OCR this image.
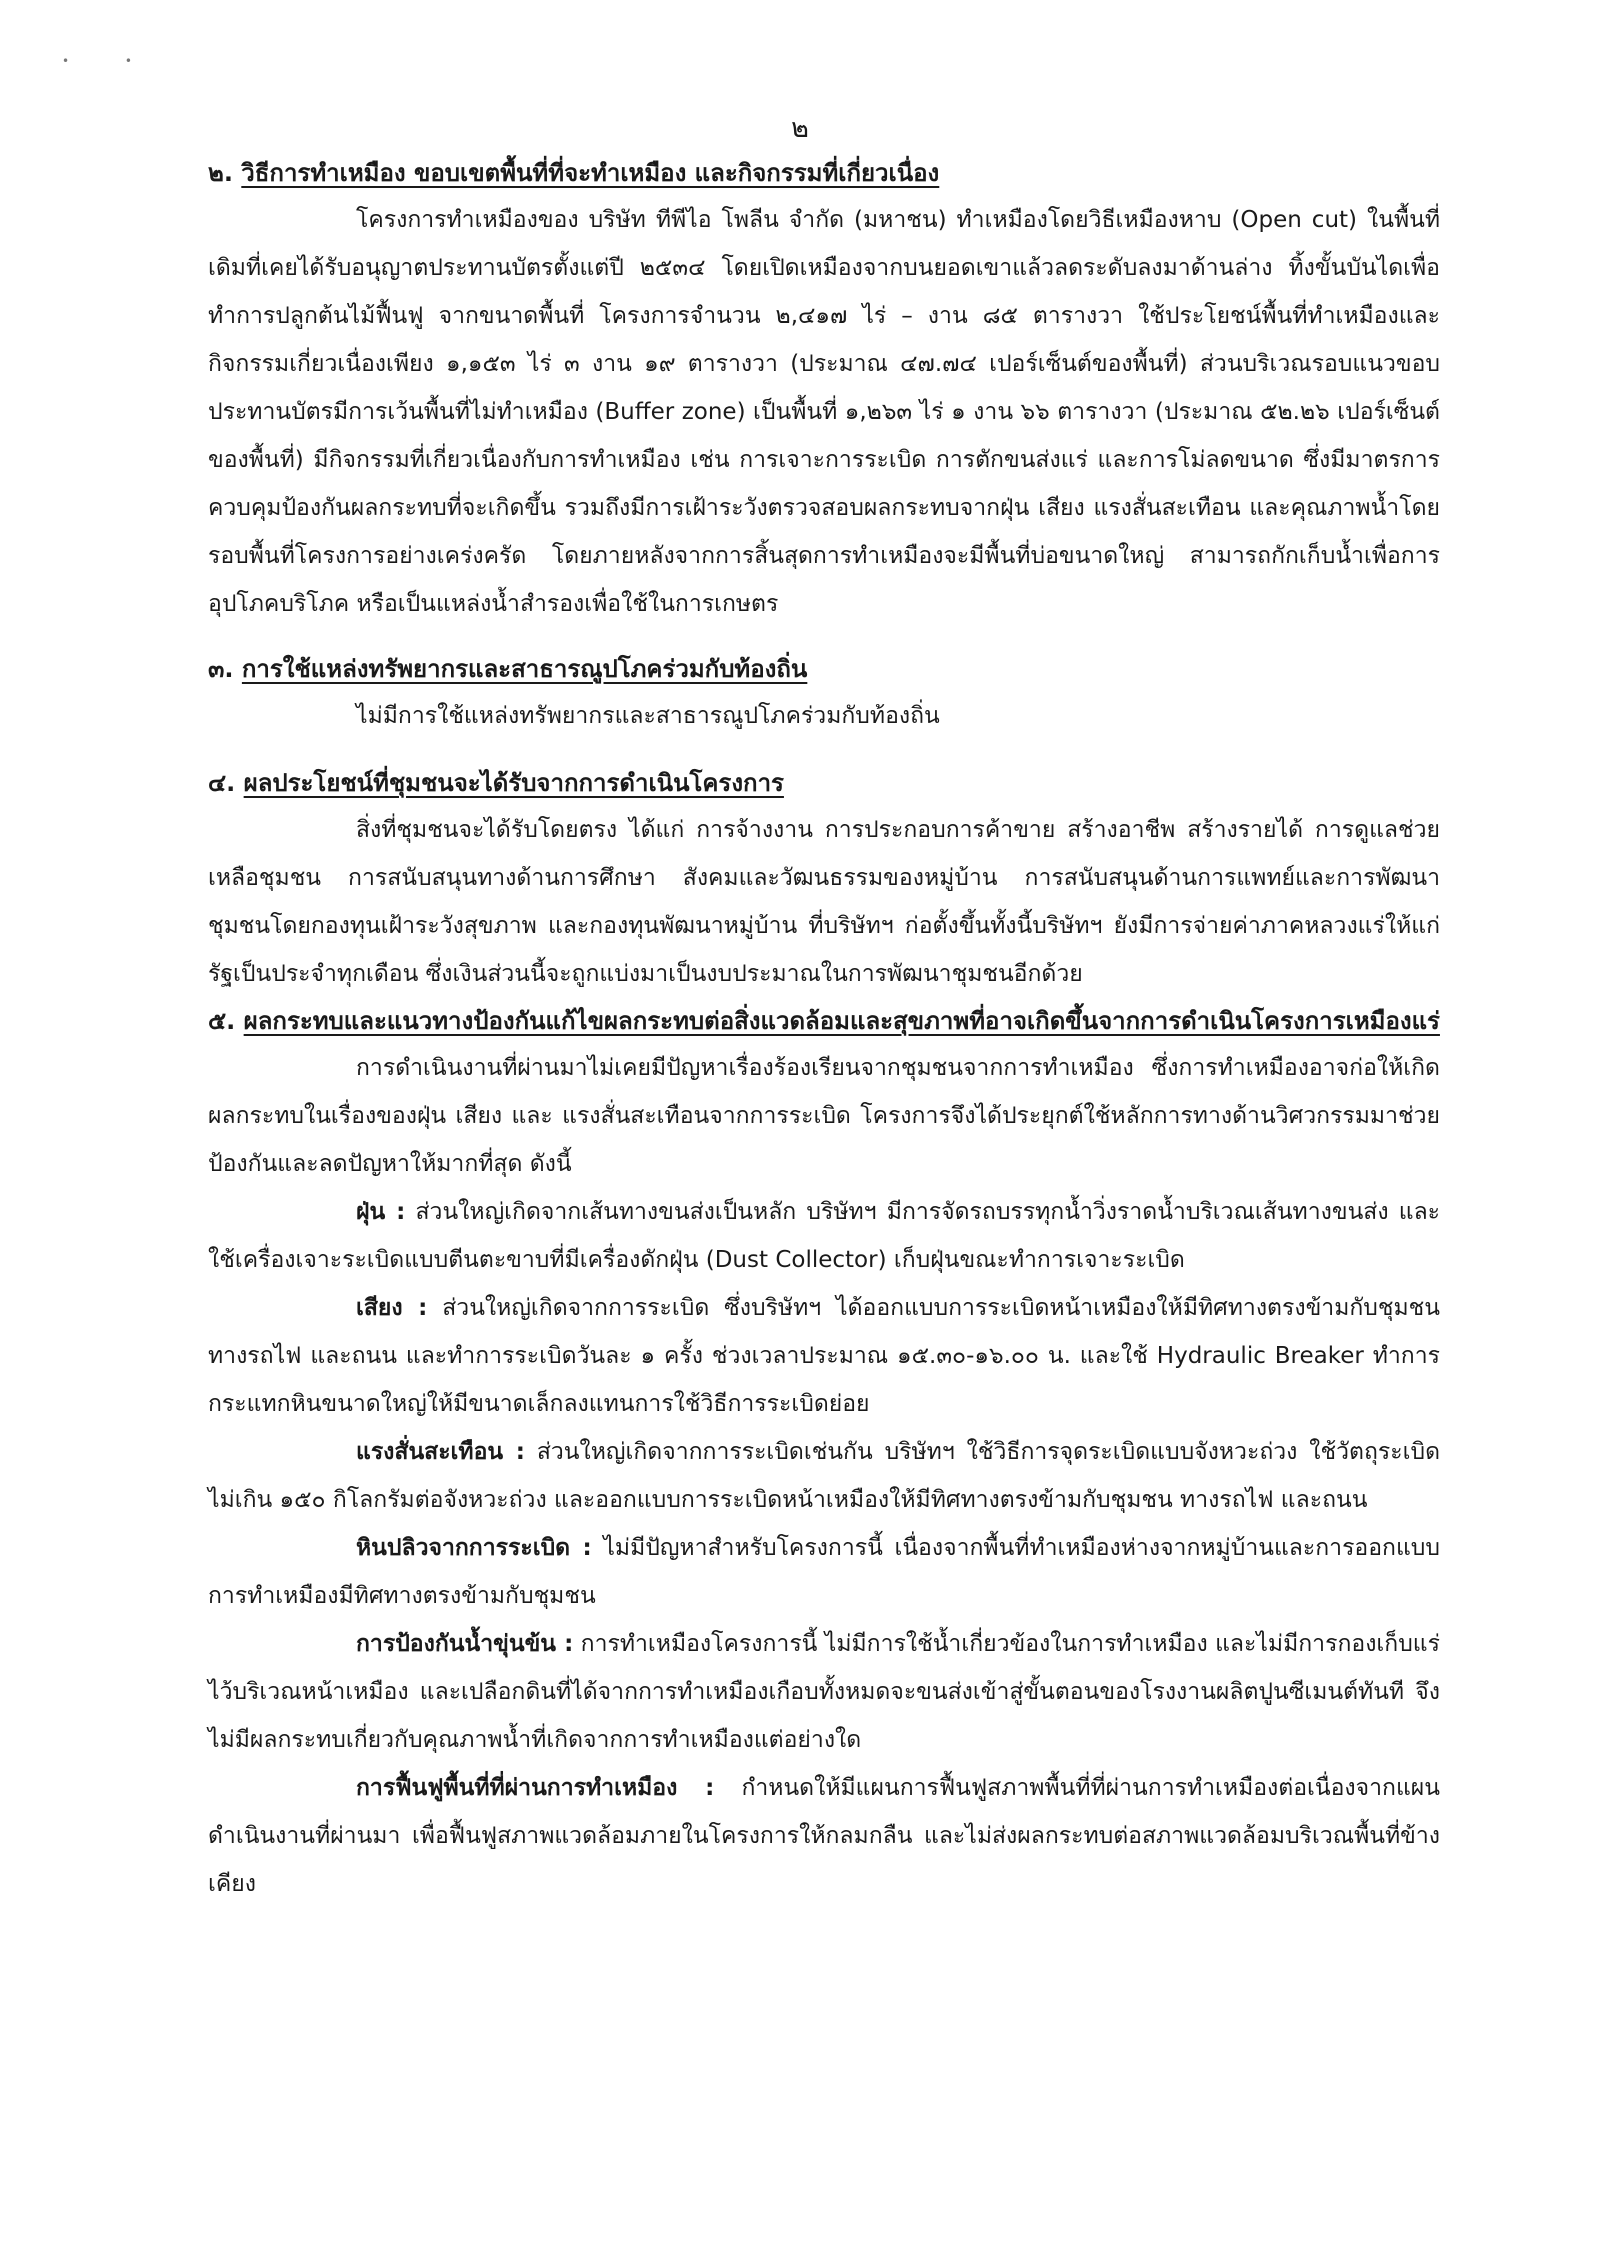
• •
๒
๒. วิธีการทำเหมือง ขอบเขตพื้นที่ที่จะทำเหมือง และกิจกรรมที่เกี่ยวเนื่อง

โครงการทำเหมืองของ บริษัท ทีพีไอ โพลีน จำกัด (มหาชน) ทำเหมืองโดยวิธีเหมืองหาบ (Open cut) ในพื้นที่เดิมที่เคยได้รับอนุญาตประทานบัตรตั้งแต่ปี ๒๕๓๔ โดยเปิดเหมืองจากบนยอดเขาแล้วลดระดับลงมาด้านล่าง ทิ้งขั้นบันไดเพื่อทำการปลูกต้นไม้ฟื้นฟู จากขนาดพื้นที่ โครงการจำนวน ๒,๔๑๗ ไร่ – งาน ๘๕ ตารางวา ใช้ประโยชน์พื้นที่ทำเหมืองและกิจกรรมเกี่ยวเนื่องเพียง ๑,๑๕๓ ไร่ ๓ งาน ๑๙ ตารางวา (ประมาณ ๔๗.๗๔ เปอร์เซ็นต์ของพื้นที่) ส่วนบริเวณรอบแนวขอบประทานบัตรมีการเว้นพื้นที่ไม่ทำเหมือง (Buffer zone) เป็นพื้นที่ ๑,๒๖๓ ไร่ ๑ งาน ๖๖ ตารางวา (ประมาณ ๕๒.๒๖ เปอร์เซ็นต์ของพื้นที่) มีกิจกรรมที่เกี่ยวเนื่องกับการทำเหมือง เช่น การเจาะการระเบิด การตักขนส่งแร่ และการโม่ลดขนาด ซึ่งมีมาตรการควบคุมป้องกันผลกระทบที่จะเกิดขึ้น รวมถึงมีการเฝ้าระวังตรวจสอบผลกระทบจากฝุ่น เสียง แรงสั่นสะเทือน และคุณภาพน้ำโดยรอบพื้นที่โครงการอย่างเคร่งครัด โดยภายหลังจากการสิ้นสุดการทำเหมืองจะมีพื้นที่บ่อขนาดใหญ่ สามารถกักเก็บน้ำเพื่อการอุปโภคบริโภค หรือเป็นแหล่งน้ำสำรองเพื่อใช้ในการเกษตร

๓. การใช้แหล่งทรัพยากรและสาธารณูปโภคร่วมกับท้องถิ่น

ไม่มีการใช้แหล่งทรัพยากรและสาธารณูปโภคร่วมกับท้องถิ่น

๔. ผลประโยชน์ที่ชุมชนจะได้รับจากการดำเนินโครงการ

สิ่งที่ชุมชนจะได้รับโดยตรง ได้แก่ การจ้างงาน การประกอบการค้าขาย สร้างอาชีพ สร้างรายได้ การดูแลช่วยเหลือชุมชน การสนับสนุนทางด้านการศึกษา สังคมและวัฒนธรรมของหมู่บ้าน การสนับสนุนด้านการแพทย์และการพัฒนาชุมชนโดยกองทุนเฝ้าระวังสุขภาพ และกองทุนพัฒนาหมู่บ้าน ที่บริษัทฯ ก่อตั้งขึ้นทั้งนี้บริษัทฯ ยังมีการจ่ายค่าภาคหลวงแร่ให้แก่รัฐเป็นประจำทุกเดือน ซึ่งเงินส่วนนี้จะถูกแบ่งมาเป็นงบประมาณในการพัฒนาชุมชนอีกด้วย

๕. ผลกระทบและแนวทางป้องกันแก้ไขผลกระทบต่อสิ่งแวดล้อมและสุขภาพที่อาจเกิดขึ้นจากการดำเนินโครงการเหมืองแร่

การดำเนินงานที่ผ่านมาไม่เคยมีปัญหาเรื่องร้องเรียนจากชุมชนจากการทำเหมือง ซึ่งการทำเหมืองอาจก่อให้เกิดผลกระทบในเรื่องของฝุ่น เสียง และ แรงสั่นสะเทือนจากการระเบิด โครงการจึงได้ประยุกต์ใช้หลักการทางด้านวิศวกรรมมาช่วยป้องกันและลดปัญหาให้มากที่สุด ดังนี้

ฝุ่น : ส่วนใหญ่เกิดจากเส้นทางขนส่งเป็นหลัก บริษัทฯ มีการจัดรถบรรทุกน้ำวิ่งราดน้ำบริเวณเส้นทางขนส่ง และใช้เครื่องเจาะระเบิดแบบตีนตะขาบที่มีเครื่องดักฝุ่น (Dust Collector) เก็บฝุ่นขณะทำการเจาะระเบิด

เสียง : ส่วนใหญ่เกิดจากการระเบิด ซึ่งบริษัทฯ ได้ออกแบบการระเบิดหน้าเหมืองให้มีทิศทางตรงข้ามกับชุมชน ทางรถไฟ และถนน และทำการระเบิดวันละ ๑ ครั้ง ช่วงเวลาประมาณ ๑๕.๓๐-๑๖.๐๐ น. และใช้ Hydraulic Breaker ทำการกระแทกหินขนาดใหญ่ให้มีขนาดเล็กลงแทนการใช้วิธีการระเบิดย่อย

แรงสั่นสะเทือน : ส่วนใหญ่เกิดจากการระเบิดเช่นกัน บริษัทฯ ใช้วิธีการจุดระเบิดแบบจังหวะถ่วง ใช้วัตถุระเบิดไม่เกิน ๑๕๐ กิโลกรัมต่อจังหวะถ่วง และออกแบบการระเบิดหน้าเหมืองให้มีทิศทางตรงข้ามกับชุมชน ทางรถไฟ และถนน

หินปลิวจากการระเบิด : ไม่มีปัญหาสำหรับโครงการนี้ เนื่องจากพื้นที่ทำเหมืองห่างจากหมู่บ้านและการออกแบบการทำเหมืองมีทิศทางตรงข้ามกับชุมชน

การป้องกันน้ำขุ่นข้น : การทำเหมืองโครงการนี้ ไม่มีการใช้น้ำเกี่ยวข้องในการทำเหมือง และไม่มีการกองเก็บแร่ไว้บริเวณหน้าเหมือง และเปลือกดินที่ได้จากการทำเหมืองเกือบทั้งหมดจะขนส่งเข้าสู่ขั้นตอนของโรงงานผลิตปูนซีเมนต์ทันที จึงไม่มีผลกระทบเกี่ยวกับคุณภาพน้ำที่เกิดจากการทำเหมืองแต่อย่างใด

การฟื้นฟูพื้นที่ที่ผ่านการทำเหมือง : กำหนดให้มีแผนการฟื้นฟูสภาพพื้นที่ที่ผ่านการทำเหมืองต่อเนื่องจากแผนดำเนินงานที่ผ่านมา เพื่อฟื้นฟูสภาพแวดล้อมภายในโครงการให้กลมกลืน และไม่ส่งผลกระทบต่อสภาพแวดล้อมบริเวณพื้นที่ข้างเคียง
